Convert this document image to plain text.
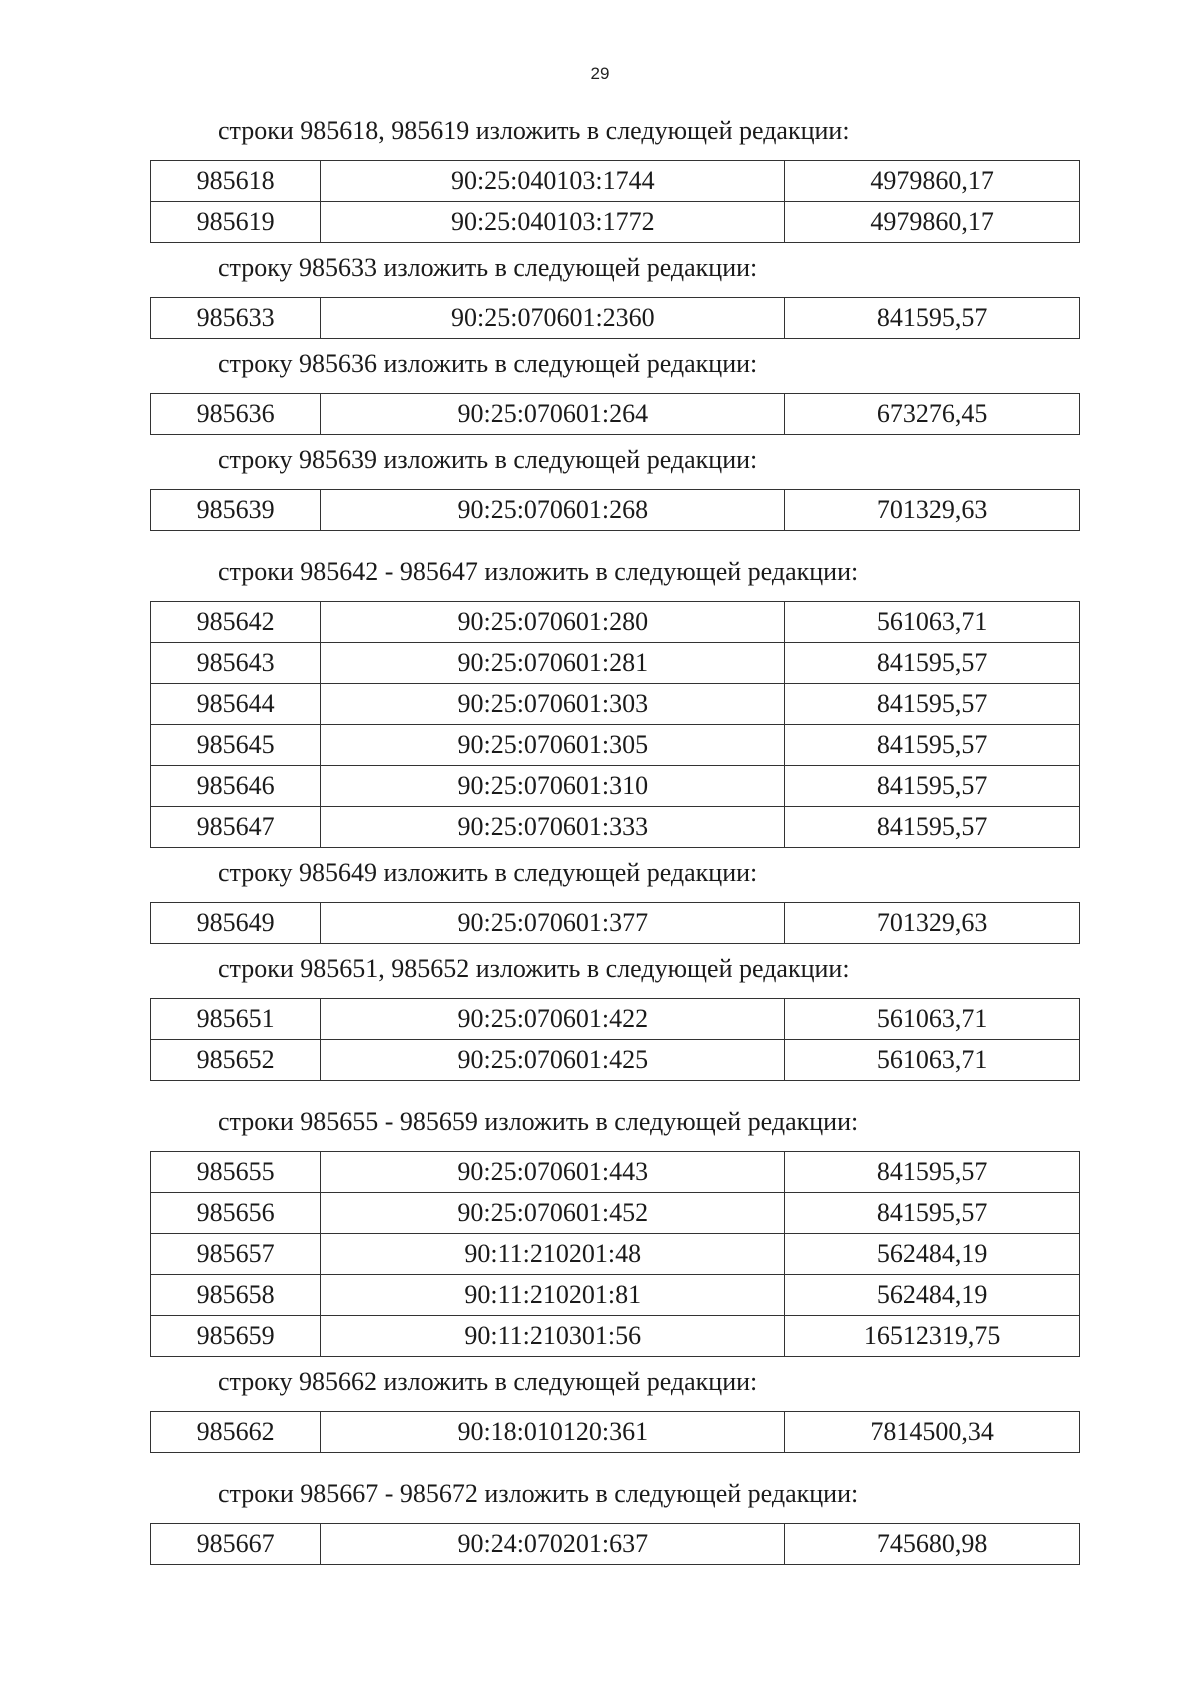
29
строки 985618, 985619 изложить в следующей редакции:
985618	90:25:040103:1744	4979860,17
985619	90:25:040103:1772	4979860,17
строку 985633 изложить в следующей редакции:
985633	90:25:070601:2360	841595,57
строку 985636 изложить в следующей редакции:
985636	90:25:070601:264	673276,45
строку 985639 изложить в следующей редакции:
985639	90:25:070601:268	701329,63
строки 985642 - 985647 изложить в следующей редакции:
985642	90:25:070601:280	561063,71
985643	90:25:070601:281	841595,57
985644	90:25:070601:303	841595,57
985645	90:25:070601:305	841595,57
985646	90:25:070601:310	841595,57
985647	90:25:070601:333	841595,57
строку 985649 изложить в следующей редакции:
985649	90:25:070601:377	701329,63
строки 985651, 985652 изложить в следующей редакции:
985651	90:25:070601:422	561063,71
985652	90:25:070601:425	561063,71
строки 985655 - 985659 изложить в следующей редакции:
985655	90:25:070601:443	841595,57
985656	90:25:070601:452	841595,57
985657	90:11:210201:48	562484,19
985658	90:11:210201:81	562484,19
985659	90:11:210301:56	16512319,75
строку 985662 изложить в следующей редакции:
985662	90:18:010120:361	7814500,34
строки 985667 - 985672 изложить в следующей редакции:
985667	90:24:070201:637	745680,98
